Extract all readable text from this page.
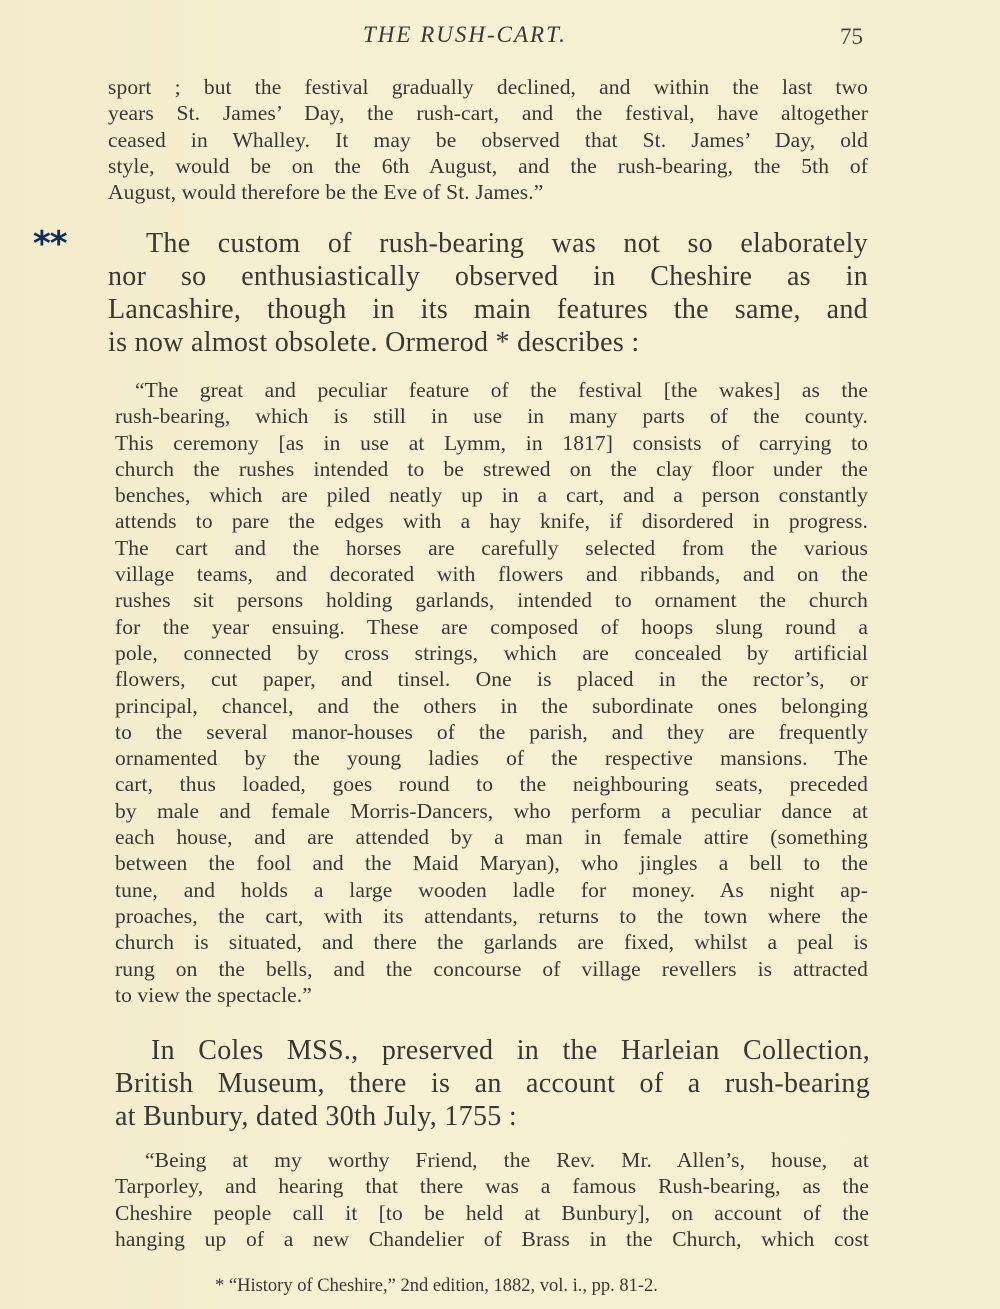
THE RUSH-CART.	75
sport ; but the festival gradually declined, and within the last two
years St. James’ Day, the rush-cart, and the festival, have altogether
ceased in Whalley. It may be observed that St. James’ Day, old
style, would be on the 6th August, and the rush-bearing, the 5th of
August, would therefore be the Eve of St. James.”
**	The custom of rush-bearing was not so elaborately
nor so enthusiastically observed in Cheshire as in
Lancashire, though in its main features the same, and
is now almost obsolete. Ormerod * describes :
“The great and peculiar feature of the festival [the wakes] as the
rush-bearing, which is still in use in many parts of the county.
This ceremony [as in use at Lymm, in 1817] consists of carrying to
church the rushes intended to be strewed on the clay floor under the
benches, which are piled neatly up in a cart, and a person constantly
attends to pare the edges with a hay knife, if disordered in progress.
The cart and the horses are carefully selected from the various
village teams, and decorated with flowers and ribbands, and on the
rushes sit persons holding garlands, intended to ornament the church
for the year ensuing. These are composed of hoops slung round a
pole, connected by cross strings, which are concealed by artificial
flowers, cut paper, and tinsel. One is placed in the rector’s, or
principal, chancel, and the others in the subordinate ones belonging
to the several manor-houses of the parish, and they are frequently
ornamented by the young ladies of the respective mansions. The
cart, thus loaded, goes round to the neighbouring seats, preceded
by male and female Morris-Dancers, who perform a peculiar dance at
each house, and are attended by a man in female attire (something
between the fool and the Maid Maryan), who jingles a bell to the
tune, and holds a large wooden ladle for money. As night ap-
proaches, the cart, with its attendants, returns to the town where the
church is situated, and there the garlands are fixed, whilst a peal is
rung on the bells, and the concourse of village revellers is attracted
to view the spectacle.”
In Coles MSS., preserved in the Harleian Collection,
British Museum, there is an account of a rush-bearing
at Bunbury, dated 30th July, 1755 :
“Being at my worthy Friend, the Rev. Mr. Allen’s, house, at
Tarporley, and hearing that there was a famous Rush-bearing, as the
Cheshire people call it [to be held at Bunbury], on account of the
hanging up of a new Chandelier of Brass in the Church, which cost
* “History of Cheshire,” 2nd edition, 1882, vol. i., pp. 81-2.
